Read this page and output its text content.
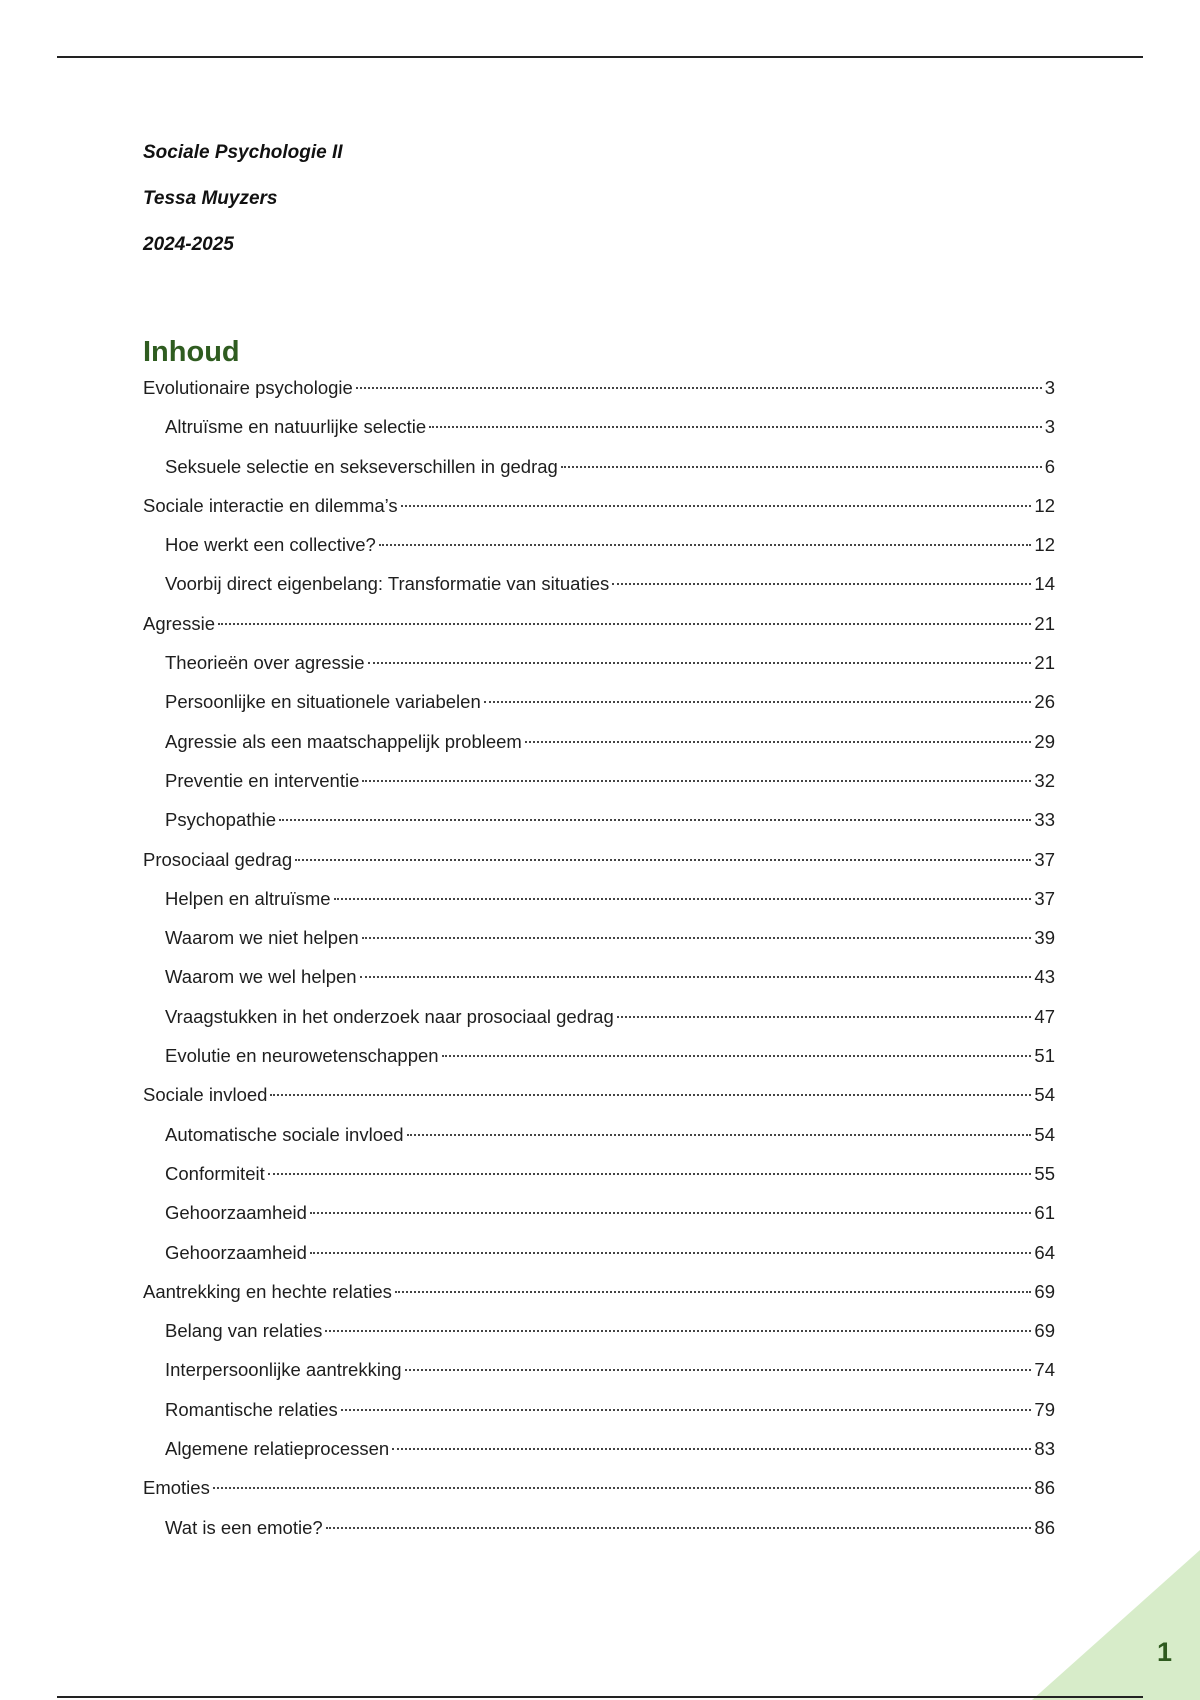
Sociale Psychologie II
Tessa Muyzers
2024-2025
Inhoud
Evolutionaire psychologie	3
Altruïsme en natuurlijke selectie	3
Seksuele selectie en sekseverschillen in gedrag	6
Sociale interactie en dilemma’s	12
Hoe werkt een collective?	12
Voorbij direct eigenbelang: Transformatie van situaties	14
Agressie	21
Theorieën over agressie	21
Persoonlijke en situationele variabelen	26
Agressie als een maatschappelijk probleem	29
Preventie en interventie	32
Psychopathie	33
Prosociaal gedrag	37
Helpen en altruïsme	37
Waarom we niet helpen	39
Waarom we wel helpen	43
Vraagstukken in het onderzoek naar prosociaal gedrag	47
Evolutie en neurowetenschappen	51
Sociale invloed	54
Automatische sociale invloed	54
Conformiteit	55
Gehoorzaamheid	61
Gehoorzaamheid	64
Aantrekking en hechte relaties	69
Belang van relaties	69
Interpersoonlijke aantrekking	74
Romantische relaties	79
Algemene relatieprocessen	83
Emoties	86
Wat is een emotie?	86
1
